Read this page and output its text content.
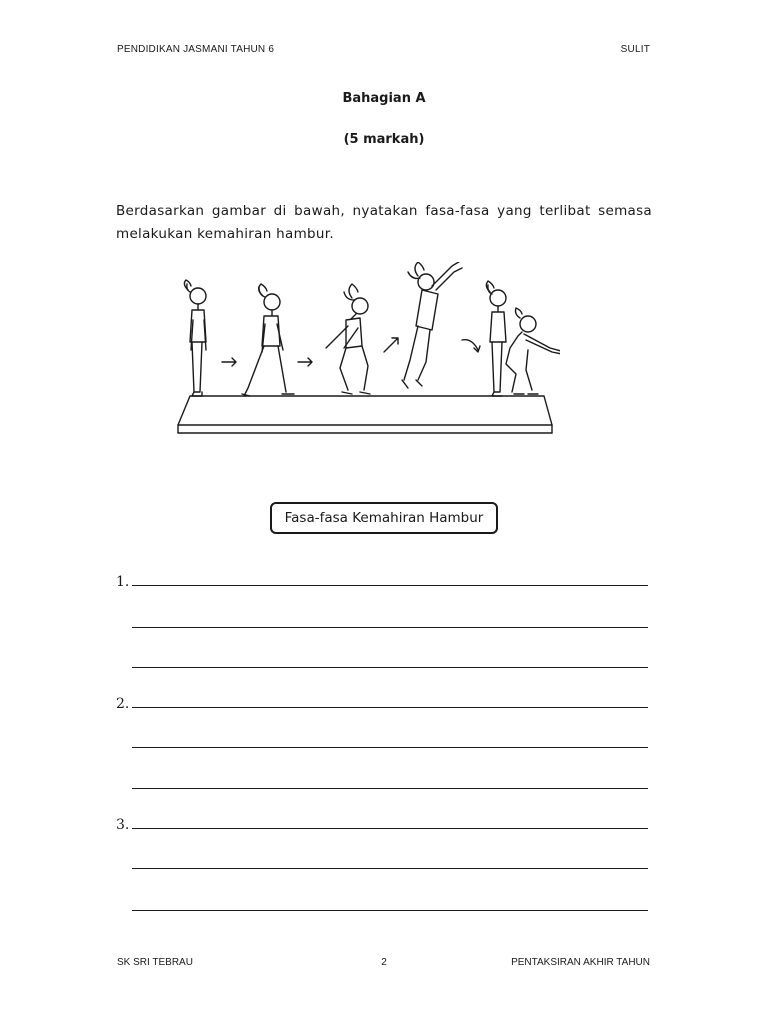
PENDIDIKAN JASMANI TAHUN 6	SULIT
Bahagian A
(5 markah)
Berdasarkan gambar di bawah, nyatakan fasa-fasa yang terlibat semasa melakukan kemahiran hambur.
Fasa-fasa Kemahiran Hambur
1.
2.
3.
SK SRI TEBRAU	2	PENTAKSIRAN AKHIR TAHUN
